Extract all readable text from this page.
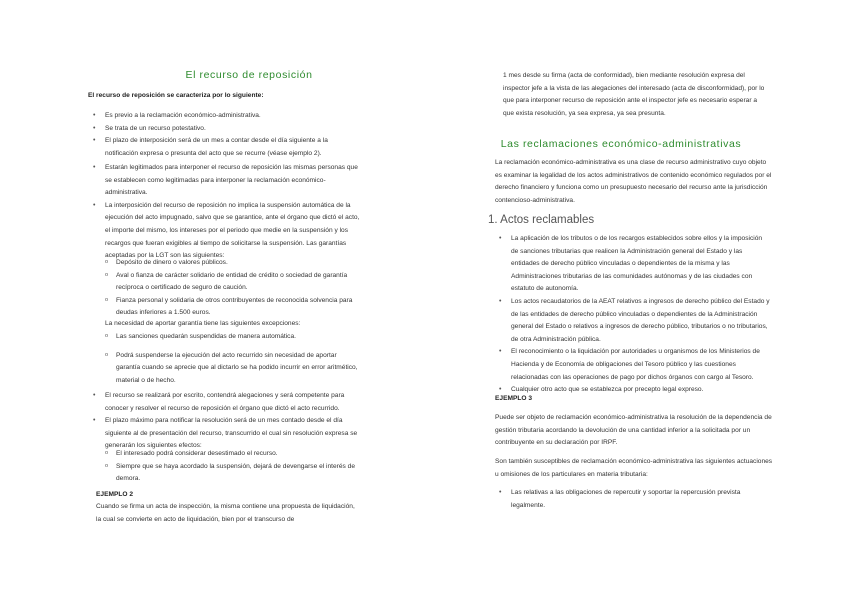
El recurso de reposición

El recurso de reposición se caracteriza por lo siguiente:

• Es previo a la reclamación económico-administrativa.
• Se trata de un recurso potestativo.
• El plazo de interposición será de un mes a contar desde el día siguiente a la notificación expresa o presunta del acto que se recurre (véase ejemplo 2).
• Estarán legitimados para interponer el recurso de reposición las mismas personas que se establecen como legitimadas para interponer la reclamación económico-administrativa.
• La interposición del recurso de reposición no implica la suspensión automática de la ejecución del acto impugnado, salvo que se garantice, ante el órgano que dictó el acto, el importe del mismo, los intereses por el periodo que medie en la suspensión y los recargos que fueran exigibles al tiempo de solicitarse la suspensión. Las garantías aceptadas por la LGT son las siguientes:
o Depósito de dinero o valores públicos.
o Aval o fianza de carácter solidario de entidad de crédito o sociedad de garantía recíproca o certificado de seguro de caución.
o Fianza personal y solidaria de otros contribuyentes de reconocida solvencia para deudas inferiores a 1.500 euros.

La necesidad de aportar garantía tiene las siguientes excepciones:

o Las sanciones quedarán suspendidas de manera automática.
o Podrá suspenderse la ejecución del acto recurrido sin necesidad de aportar garantía cuando se aprecie que al dictarlo se ha podido incurrir en error aritmético, material o de hecho.
• El recurso se realizará por escrito, contendrá alegaciones y será competente para conocer y resolver el recurso de reposición el órgano que dictó el acto recurrido.
• El plazo máximo para notificar la resolución será de un mes contado desde el día siguiente al de presentación del recurso, transcurrido el cual sin resolución expresa se generarán los siguientes efectos:
o El interesado podrá considerar desestimado el recurso.
o Siempre que se haya acordado la suspensión, dejará de devengarse el interés de demora.

EJEMPLO 2

Cuando se firma un acta de inspección, la misma contiene una propuesta de liquidación, la cual se convierte en acto de liquidación, bien por el transcurso de

1 mes desde su firma (acta de conformidad), bien mediante resolución expresa del inspector jefe a la vista de las alegaciones del interesado (acta de disconformidad), por lo que para interponer recurso de reposición ante el inspector jefe es necesario esperar a que exista resolución, ya sea expresa, ya sea presunta.

Las reclamaciones económico-administrativas

La reclamación económico-administrativa es una clase de recurso administrativo cuyo objeto es examinar la legalidad de los actos administrativos de contenido económico regulados por el derecho financiero y funciona como un presupuesto necesario del recurso ante la jurisdicción contencioso-administrativa.

1. Actos reclamables
• La aplicación de los tributos o de los recargos establecidos sobre ellos y la imposición de sanciones tributarias que realicen la Administración general del Estado y las entidades de derecho público vinculadas o dependientes de la misma y las Administraciones tributarias de las comunidades autónomas y de las ciudades con estatuto de autonomía.
• Los actos recaudatorios de la AEAT relativos a ingresos de derecho público del Estado y de las entidades de derecho público vinculadas o dependientes de la Administración general del Estado o relativos a ingresos de derecho público, tributarios o no tributarios, de otra Administración pública.
• El reconocimiento o la liquidación por autoridades u organismos de los Ministerios de Hacienda y de Economía de obligaciones del Tesoro público y las cuestiones relacionadas con las operaciones de pago por dichos órganos con cargo al Tesoro.
• Cualquier otro acto que se establezca por precepto legal expreso.

EJEMPLO 3

Puede ser objeto de reclamación económico-administrativa la resolución de la dependencia de gestión tributaria acordando la devolución de una cantidad inferior a la solicitada por un contribuyente en su declaración por IRPF.

Son también susceptibles de reclamación económico-administrativa las siguientes actuaciones u omisiones de los particulares en materia tributaria:

• Las relativas a las obligaciones de repercutir y soportar la repercusión prevista legalmente.
